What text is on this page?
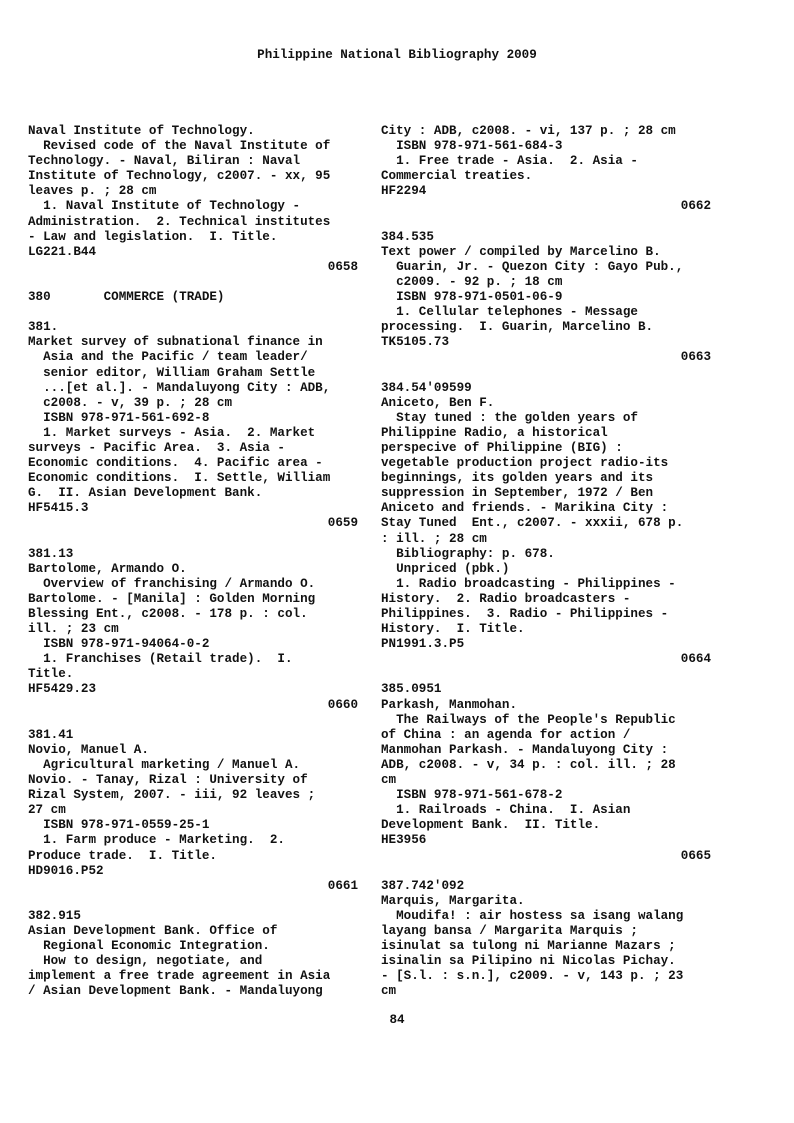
Philippine National Bibliography 2009
Naval Institute of Technology.
Revised code of the Naval Institute of
Technology. - Naval, Biliran : Naval
Institute of Technology, c2007. - xx, 95
leaves p. ; 28 cm
1. Naval Institute of Technology -
Administration.  2. Technical institutes
- Law and legislation.  I. Title.
LG221.B44
0658
380       COMMERCE (TRADE)
381.
Market survey of subnational finance in
Asia and the Pacific / team leader/
senior editor, William Graham Settle
...[et al.]. - Mandaluyong City : ADB,
c2008. - v, 39 p. ; 28 cm
ISBN 978-971-561-692-8
1. Market surveys - Asia.  2. Market
surveys - Pacific Area.  3. Asia -
Economic conditions.  4. Pacific area -
Economic conditions.  I. Settle, William
G.  II. Asian Development Bank.
HF5415.3
0659
381.13
Bartolome, Armando O.
Overview of franchising / Armando O.
Bartolome. - [Manila] : Golden Morning
Blessing Ent., c2008. - 178 p. : col.
ill. ; 23 cm
ISBN 978-971-94064-0-2
1. Franchises (Retail trade).  I.
Title.
HF5429.23
0660
381.41
Novio, Manuel A.
Agricultural marketing / Manuel A.
Novio. - Tanay, Rizal : University of
Rizal System, 2007. - iii, 92 leaves ;
27 cm
ISBN 978-971-0559-25-1
1. Farm produce - Marketing.  2.
Produce trade.  I. Title.
HD9016.P52
0661
382.915
Asian Development Bank. Office of
Regional Economic Integration.
How to design, negotiate, and
implement a free trade agreement in Asia
/ Asian Development Bank. - Mandaluyong
City : ADB, c2008. - vi, 137 p. ; 28 cm
ISBN 978-971-561-684-3
1. Free trade - Asia.  2. Asia -
Commercial treaties.
HF2294
0662
384.535
Text power / compiled by Marcelino B.
Guarin, Jr. - Quezon City : Gayo Pub.,
c2009. - 92 p. ; 18 cm
ISBN 978-971-0501-06-9
1. Cellular telephones - Message
processing.  I. Guarin, Marcelino B.
TK5105.73
0663
384.54'09599
Aniceto, Ben F.
Stay tuned : the golden years of
Philippine Radio, a historical
perspecive of Philippine (BIG) :
vegetable production project radio-its
beginnings, its golden years and its
suppression in September, 1972 / Ben
Aniceto and friends. - Marikina City :
Stay Tuned  Ent., c2007. - xxxii, 678 p.
: ill. ; 28 cm
Bibliography: p. 678.
Unpriced (pbk.)
1. Radio broadcasting - Philippines -
History.  2. Radio broadcasters -
Philippines.  3. Radio - Philippines -
History.  I. Title.
PN1991.3.P5
0664
385.0951
Parkash, Manmohan.
The Railways of the People's Republic
of China : an agenda for action /
Manmohan Parkash. - Mandaluyong City :
ADB, c2008. - v, 34 p. : col. ill. ; 28
cm
ISBN 978-971-561-678-2
1. Railroads - China.  I. Asian
Development Bank.  II. Title.
HE3956
0665
387.742'092
Marquis, Margarita.
Moudifa! : air hostess sa isang walang
layang bansa / Margarita Marquis ;
isinulat sa tulong ni Marianne Mazars ;
isinalin sa Pilipino ni Nicolas Pichay.
- [S.l. : s.n.], c2009. - v, 143 p. ; 23
cm
84
